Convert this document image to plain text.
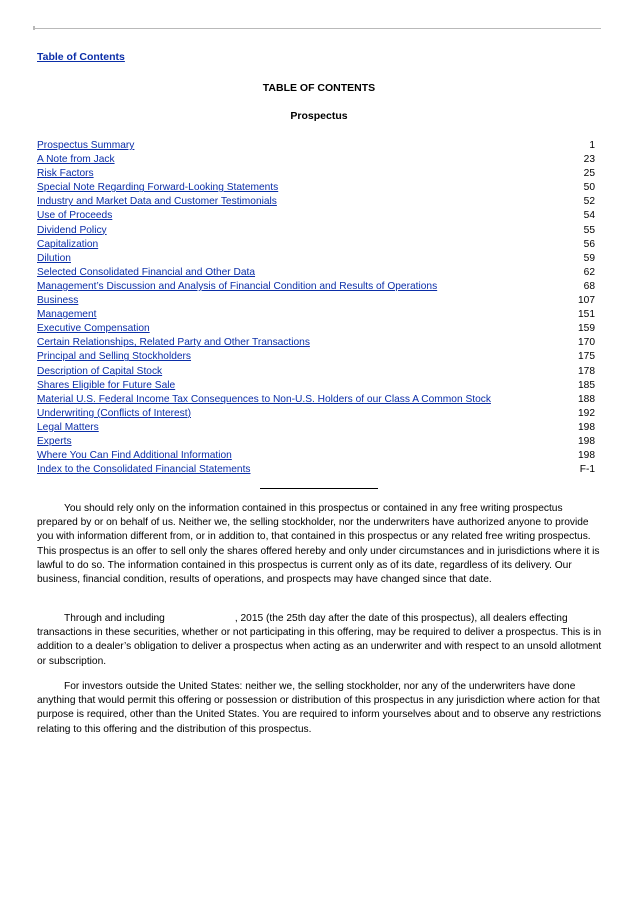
Table of Contents
TABLE OF CONTENTS
Prospectus
Prospectus Summary	1
A Note from Jack	23
Risk Factors	25
Special Note Regarding Forward-Looking Statements	50
Industry and Market Data and Customer Testimonials	52
Use of Proceeds	54
Dividend Policy	55
Capitalization	56
Dilution	59
Selected Consolidated Financial and Other Data	62
Management’s Discussion and Analysis of Financial Condition and Results of Operations	68
Business	107
Management	151
Executive Compensation	159
Certain Relationships, Related Party and Other Transactions	170
Principal and Selling Stockholders	175
Description of Capital Stock	178
Shares Eligible for Future Sale	185
Material U.S. Federal Income Tax Consequences to Non-U.S. Holders of our Class A Common Stock	188
Underwriting (Conflicts of Interest)	192
Legal Matters	198
Experts	198
Where You Can Find Additional Information	198
Index to the Consolidated Financial Statements	F-1

You should rely only on the information contained in this prospectus or contained in any free writing prospectus prepared by or on behalf of us. Neither we, the selling stockholder, nor the underwriters have authorized anyone to provide you with information different from, or in addition to, that contained in this prospectus or any related free writing prospectus. This prospectus is an offer to sell only the shares offered hereby and only under circumstances and in jurisdictions where it is lawful to do so. The information contained in this prospectus is current only as of its date, regardless of its delivery. Our business, financial condition, results of operations, and prospects may have changed since that date.

Through and including	, 2015 (the 25th day after the date of this prospectus), all dealers effecting transactions in these securities, whether or not participating in this offering, may be required to deliver a prospectus. This is in addition to a dealer’s obligation to deliver a prospectus when acting as an underwriter and with respect to an unsold allotment or subscription.

For investors outside the United States: neither we, the selling stockholder, nor any of the underwriters have done anything that would permit this offering or possession or distribution of this prospectus in any jurisdiction where action for that purpose is required, other than the United States. You are required to inform yourselves about and to observe any restrictions relating to this offering and the distribution of this prospectus.
